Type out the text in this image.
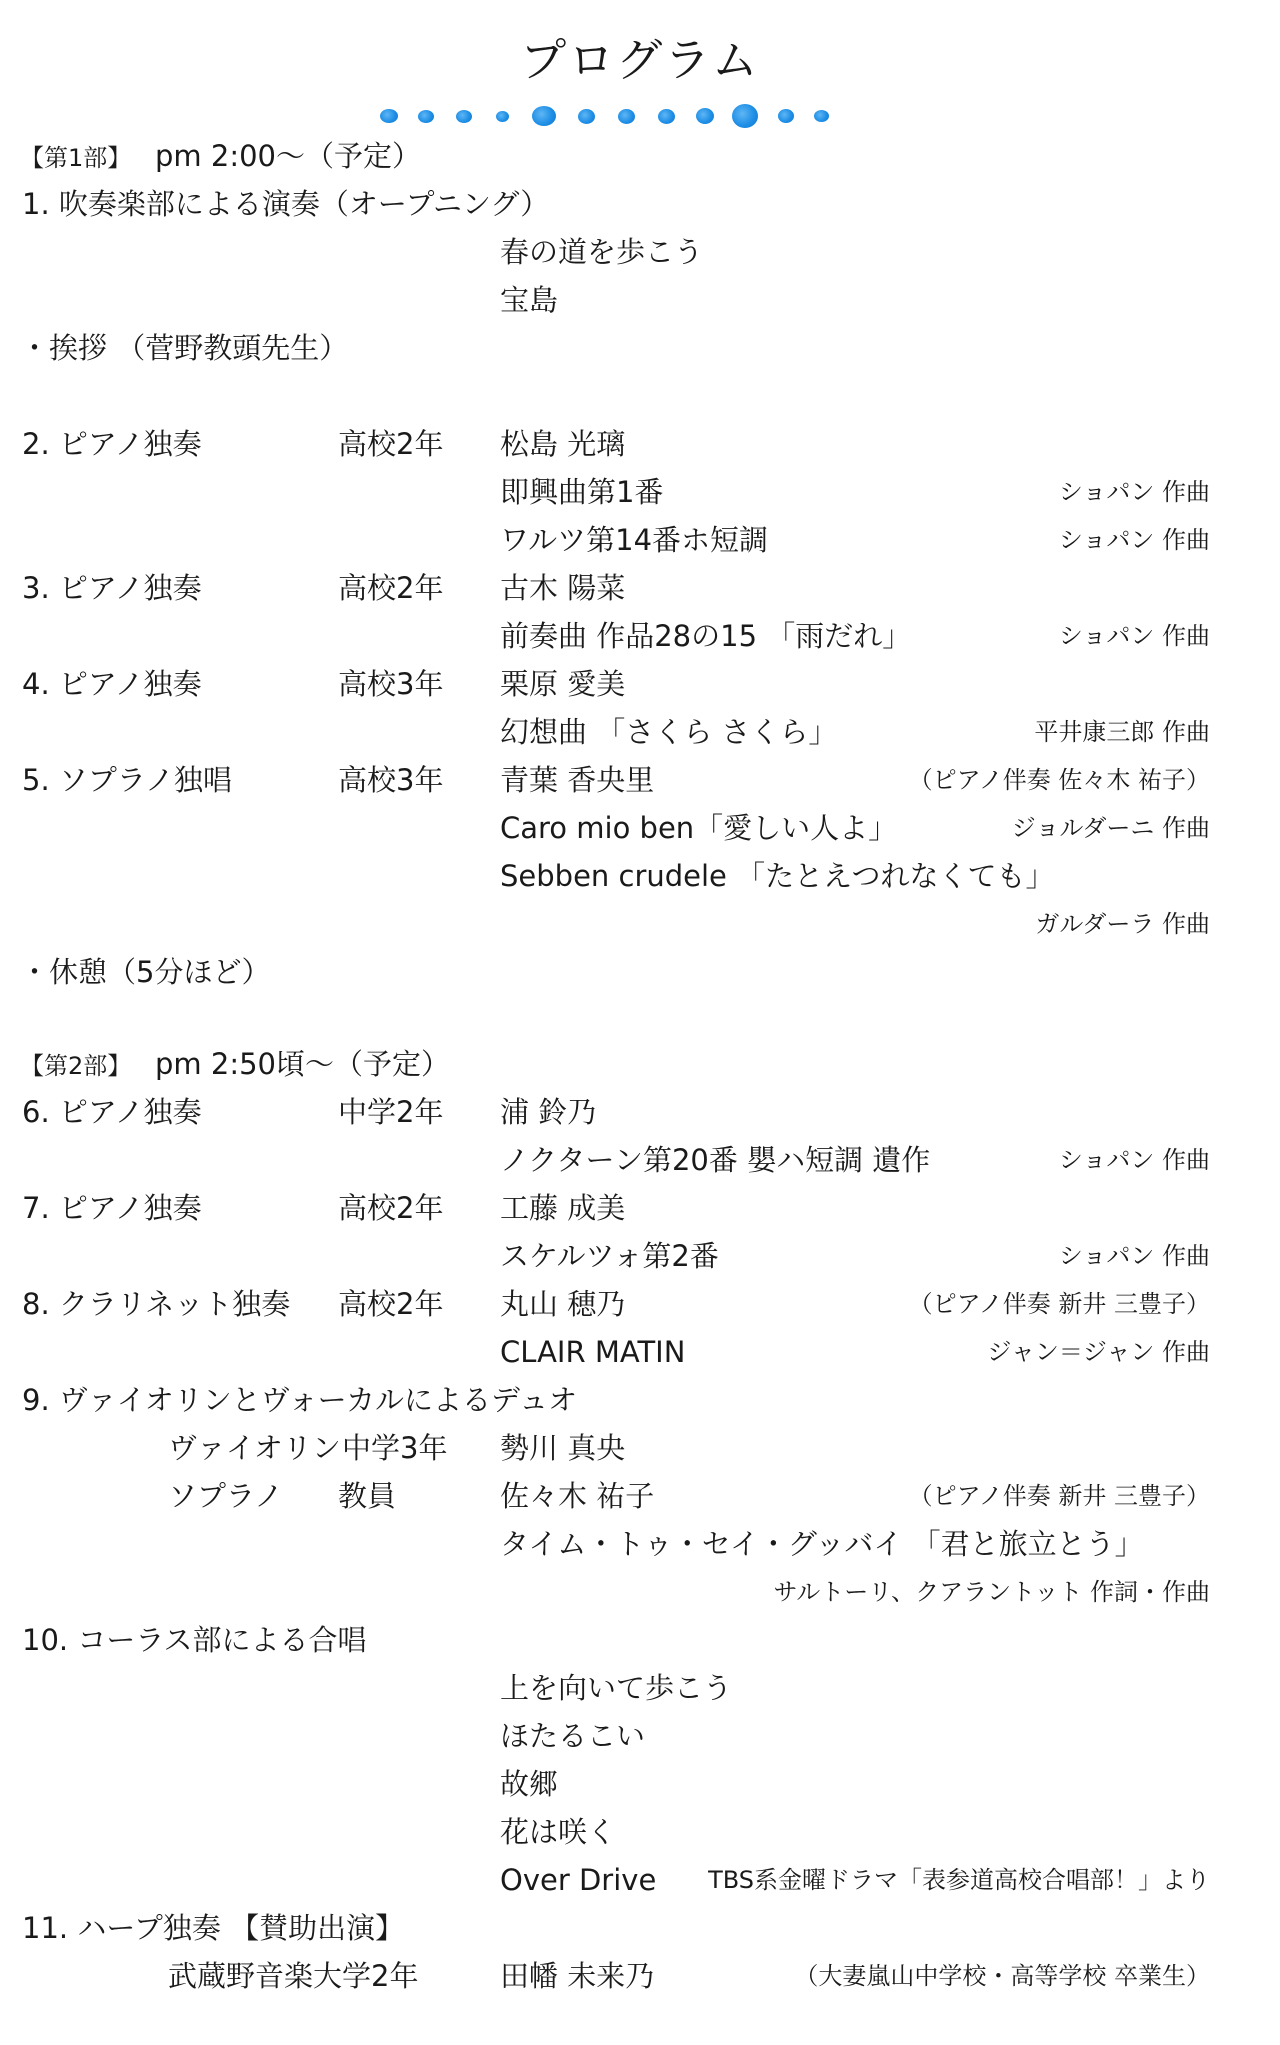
プログラム
【第1部】 pm 2:00～（予定）
1. 吹奏楽部による演奏（オープニング）
春の道を歩こう
宝島
・挨拶 （菅野教頭先生）
2. ピアノ独奏	高校2年 松島 光璃
即興曲第1番	ショパン 作曲
ワルツ第14番ホ短調	ショパン 作曲
3. ピアノ独奏	高校2年 古木 陽菜
前奏曲 作品28の15 「雨だれ」	ショパン 作曲
4. ピアノ独奏	高校3年 栗原 愛美
幻想曲 「さくら さくら」	平井康三郎 作曲
5. ソプラノ独唱	高校3年 青葉 香央里	（ピアノ伴奏 佐々木 祐子）
Caro mio ben「愛しい人よ」	ジョルダーニ 作曲
Sebben crudele 「たとえつれなくても」
ガルダーラ 作曲
・休憩（5分ほど）
【第2部】 pm 2:50頃～（予定）
6. ピアノ独奏	中学2年 浦 鈴乃
ノクターン第20番 嬰ハ短調 遺作	ショパン 作曲
7. ピアノ独奏	高校2年 工藤 成美
スケルツォ第2番	ショパン 作曲
8. クラリネット独奏 高校2年 丸山 穂乃	（ピアノ伴奏 新井 三豊子）
CLAIR MATIN	ジャン＝ジャン 作曲
9. ヴァイオリンとヴォーカルによるデュオ
ヴァイオリン 中学3年 勢川 真央
ソプラノ 教員	佐々木 祐子	（ピアノ伴奏 新井 三豊子）
タイム・トゥ・セイ・グッバイ 「君と旅立とう」
サルトーリ、クアラントット 作詞・作曲
10. コーラス部による合唱
上を向いて歩こう
ほたるこい
故郷
花は咲く
Over Drive TBS系金曜ドラマ「表参道高校合唱部！」より
11. ハープ独奏 【賛助出演】
武蔵野音楽大学2年	田幡 未来乃	（大妻嵐山中学校・高等学校 卒業生）
